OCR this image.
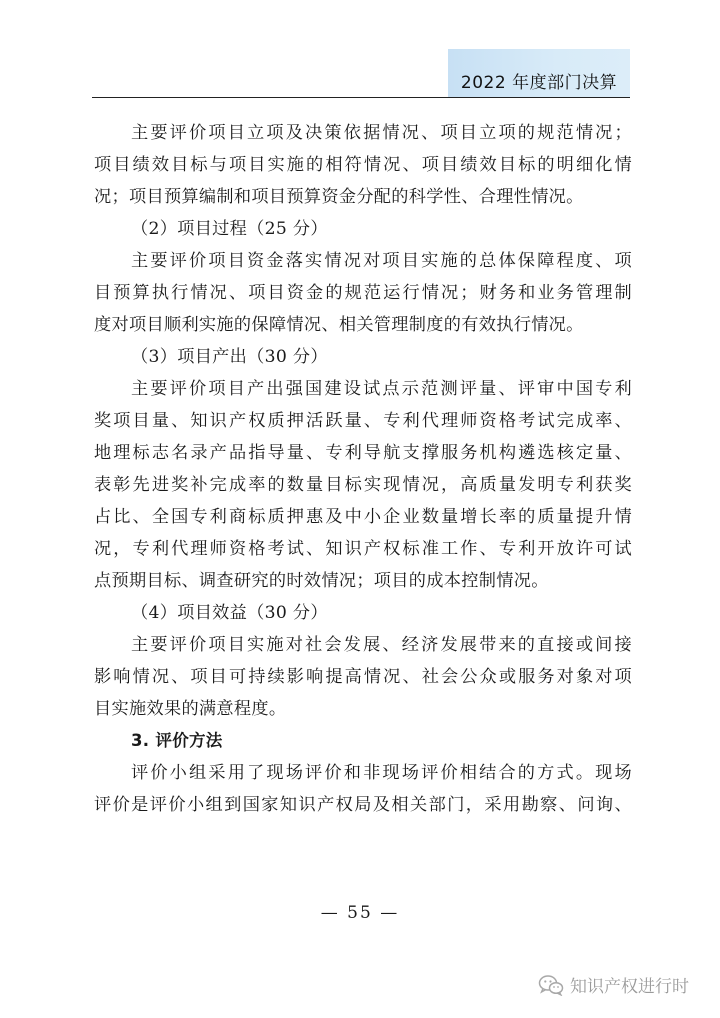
2022 年度部门决算
主要评价项目立项及决策依据情况、项目立项的规范情况；
项目绩效目标与项目实施的相符情况、项目绩效目标的明细化情
况；项目预算编制和项目预算资金分配的科学性、合理性情况。
（2）项目过程（25 分）
主要评价项目资金落实情况对项目实施的总体保障程度、项
目预算执行情况、项目资金的规范运行情况；财务和业务管理制
度对项目顺利实施的保障情况、相关管理制度的有效执行情况。
（3）项目产出（30 分）
主要评价项目产出强国建设试点示范测评量、评审中国专利
奖项目量、知识产权质押活跃量、专利代理师资格考试完成率、
地理标志名录产品指导量、专利导航支撑服务机构遴选核定量、
表彰先进奖补完成率的数量目标实现情况，高质量发明专利获奖
占比、全国专利商标质押惠及中小企业数量增长率的质量提升情
况，专利代理师资格考试、知识产权标准工作、专利开放许可试
点预期目标、调查研究的时效情况；项目的成本控制情况。
（4）项目效益（30 分）
主要评价项目实施对社会发展、经济发展带来的直接或间接
影响情况、项目可持续影响提高情况、社会公众或服务对象对项
目实施效果的满意程度。
3. 评价方法
评价小组采用了现场评价和非现场评价相结合的方式。现场
评价是评价小组到国家知识产权局及相关部门，采用勘察、问询、
— 55 —
知识产权进行时
